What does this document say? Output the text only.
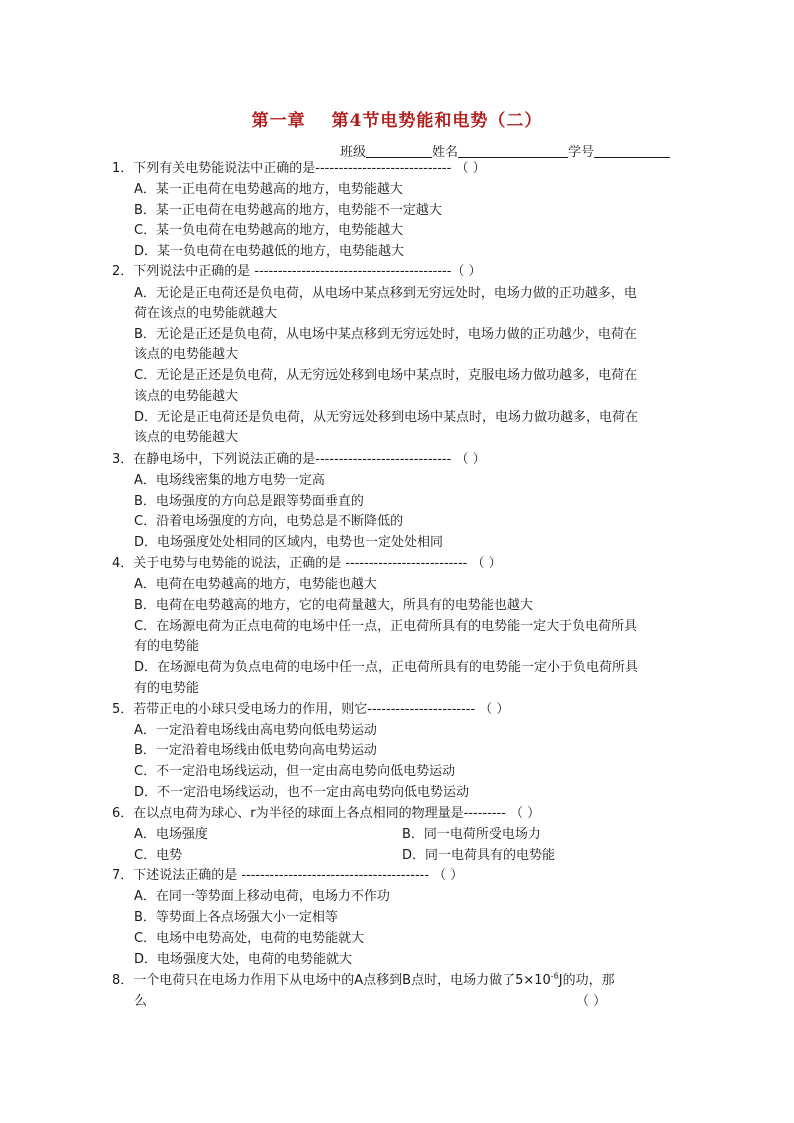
第一章 第4节电势能和电势（二）
班级	姓名	学号
1．下列有关电势能说法中正确的是----------------------------- （ ）
A．某一正电荷在电势越高的地方，电势能越大
B．某一正电荷在电势越高的地方，电势能不一定越大
C．某一负电荷在电势越高的地方，电势能越大
D．某一负电荷在电势越低的地方，电势能越大
2．下列说法中正确的是 ------------------------------------------（ ）
A．无论是正电荷还是负电荷，从电场中某点移到无穷远处时，电场力做的正功越多，电
荷在该点的电势能就越大
B．无论是正还是负电荷，从电场中某点移到无穷远处时，电场力做的正功越少，电荷在
该点的电势能越大
C．无论是正还是负电荷，从无穷远处移到电场中某点时，克服电场力做功越多，电荷在
该点的电势能越大
D．无论是正电荷还是负电荷，从无穷远处移到电场中某点时，电场力做功越多，电荷在
该点的电势能越大
3．在静电场中，下列说法正确的是----------------------------- （ ）
A．电场线密集的地方电势一定高
B．电场强度的方向总是跟等势面垂直的
C．沿着电场强度的方向，电势总是不断降低的
D．电场强度处处相同的区域内，电势也一定处处相同
4．关于电势与电势能的说法，正确的是 -------------------------- （ ）
A．电荷在电势越高的地方，电势能也越大
B．电荷在电势越高的地方，它的电荷量越大，所具有的电势能也越大
C．在场源电荷为正点电荷的电场中任一点，正电荷所具有的电势能一定大于负电荷所具
有的电势能
D．在场源电荷为负点电荷的电场中任一点，正电荷所具有的电势能一定小于负电荷所具
有的电势能
5．若带正电的小球只受电场力的作用，则它----------------------- （ ）
A．一定沿着电场线由高电势向低电势运动
B．一定沿着电场线由低电势向高电势运动
C．不一定沿电场线运动，但一定由高电势向低电势运动
D．不一定沿电场线运动，也不一定由高电势向低电势运动
6．在以点电荷为球心、r为半径的球面上各点相同的物理量是--------- （ ）
A．电场强度	B．同一电荷所受电场力
C．电势	D．同一电荷具有的电势能
7．下述说法正确的是 ---------------------------------------- （ ）
A．在同一等势面上移动电荷，电场力不作功
B．等势面上各点场强大小一定相等
C．电场中电势高处，电荷的电势能就大
D．电场强度大处，电荷的电势能就大
8．一个电荷只在电场力作用下从电场中的A点移到B点时，电场力做了$5\times 10^{-6}J$的功，那
么	（ ）
